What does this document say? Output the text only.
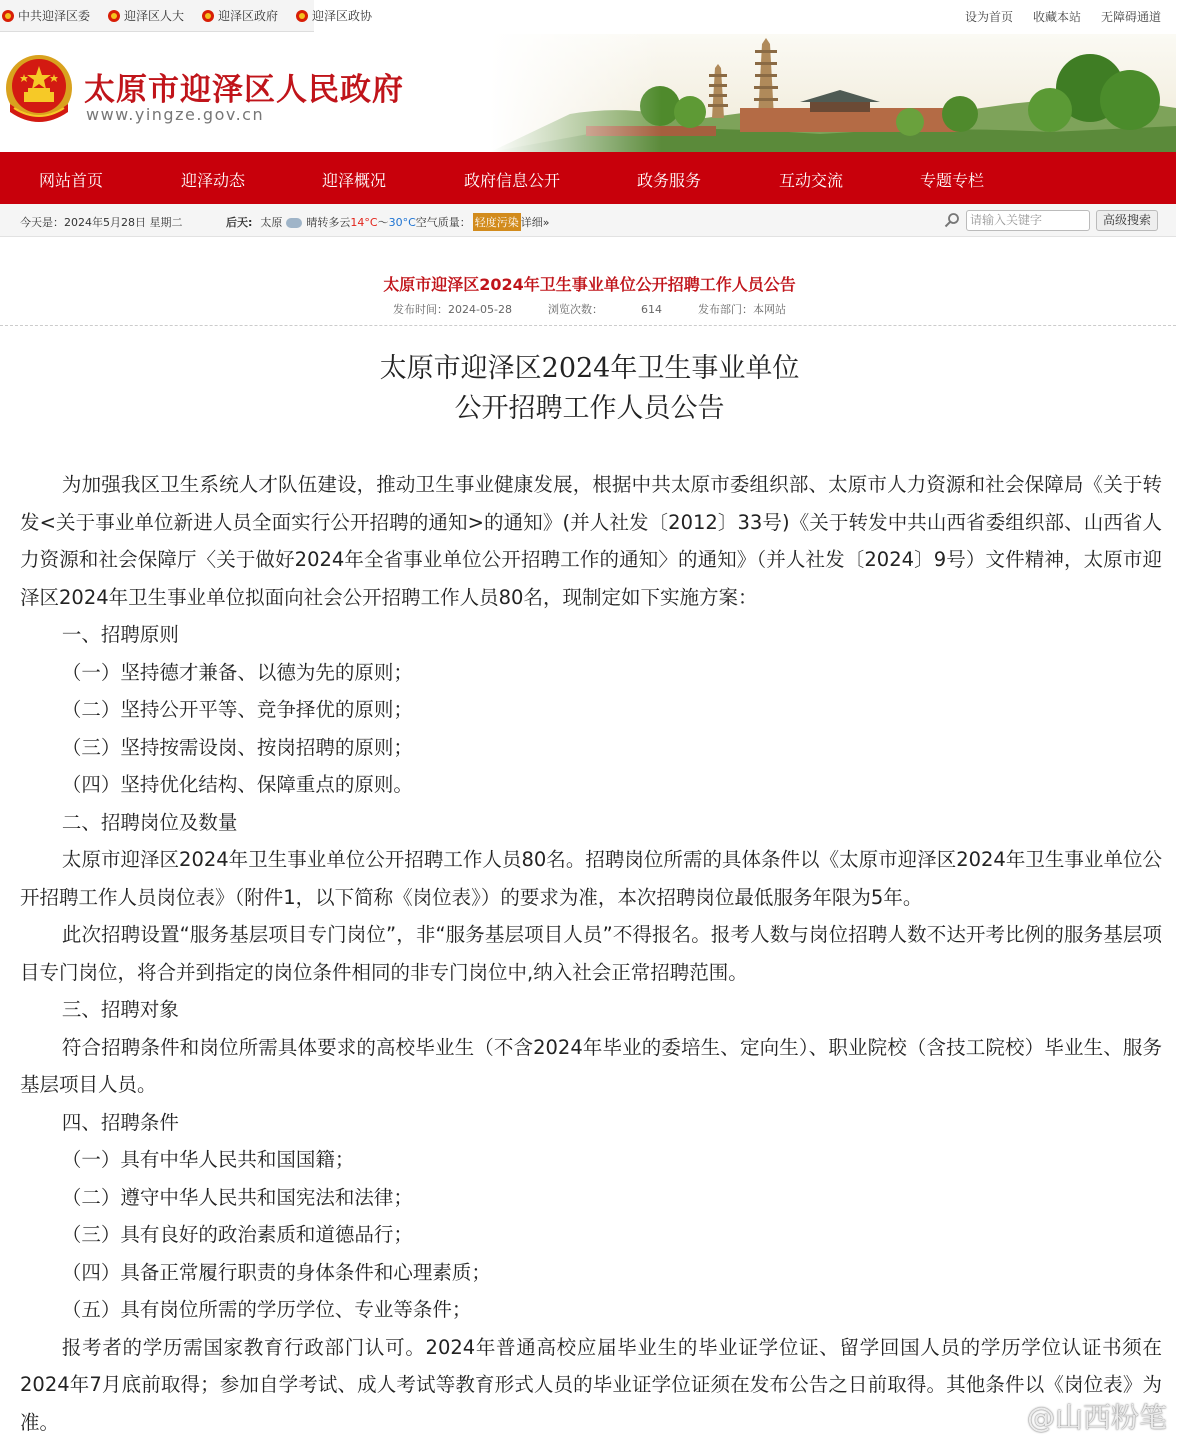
中共迎泽区委	迎泽区人大	迎泽区政府	迎泽区政协	设为首页 收藏本站 无障碍通道
太原市迎泽区人民政府
www.yingze.gov.cn
网站首页	迎泽动态	迎泽概况	政府信息公开	政务服务	互动交流	专题专栏
今天是：2024年5月28日 星期二	后天: 太原 晴转多云 14°C ～ 30°C 空气质量： 轻度污染 详细»	请输入关键字	高级搜索
太原市迎泽区2024年卫生事业单位公开招聘工作人员公告
发布时间：2024-05-28	浏览次数：	614	发布部门：本网站
太原市迎泽区2024年卫生事业单位
公开招聘工作人员公告

为加强我区卫生系统人才队伍建设，推动卫生事业健康发展，根据中共太原市委组织部、太原市人力资源和社会保障局《关于转发<关于事业单位新进人员全面实行公开招聘的通知>的通知》(并人社发〔2012〕33号)《关于转发中共山西省委组织部、山西省人力资源和社会保障厅〈关于做好2024年全省事业单位公开招聘工作的通知〉的通知》（并人社发〔2024〕9号）文件精神，太原市迎泽区2024年卫生事业单位拟面向社会公开招聘工作人员80名，现制定如下实施方案：

一、招聘原则

（一）坚持德才兼备、以德为先的原则；

（二）坚持公开平等、竞争择优的原则；

（三）坚持按需设岗、按岗招聘的原则；

（四）坚持优化结构、保障重点的原则。

二、招聘岗位及数量

太原市迎泽区2024年卫生事业单位公开招聘工作人员80名。招聘岗位所需的具体条件以《太原市迎泽区2024年卫生事业单位公开招聘工作人员岗位表》（附件1，以下简称《岗位表》）的要求为准，本次招聘岗位最低服务年限为5年。

此次招聘设置“服务基层项目专门岗位”，非“服务基层项目人员”不得报名。报考人数与岗位招聘人数不达开考比例的服务基层项目专门岗位，将合并到指定的岗位条件相同的非专门岗位中,纳入社会正常招聘范围。

三、招聘对象

符合招聘条件和岗位所需具体要求的高校毕业生（不含2024年毕业的委培生、定向生）、职业院校（含技工院校）毕业生、服务基层项目人员。

四、招聘条件

（一）具有中华人民共和国国籍；

（二）遵守中华人民共和国宪法和法律；

（三）具有良好的政治素质和道德品行；

（四）具备正常履行职责的身体条件和心理素质；

（五）具有岗位所需的学历学位、专业等条件；

报考者的学历需国家教育行政部门认可。2024年普通高校应届毕业生的毕业证学位证、留学回国人员的学历学位认证书须在2024年7月底前取得；参加自学考试、成人考试等教育形式人员的毕业证学位证须在发布公告之日前取得。其他条件以《岗位表》为准。	@山西粉笔
